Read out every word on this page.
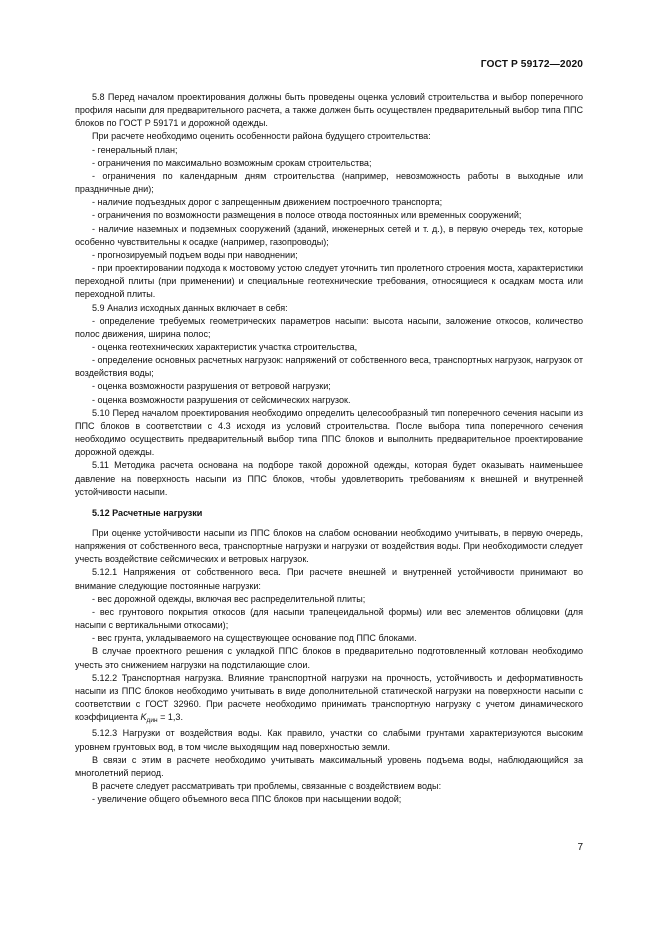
ГОСТ Р 59172—2020

5.8 Перед началом проектирования должны быть проведены оценка условий строительства и выбор поперечного профиля насыпи для предварительного расчета, а также должен быть осуществлен предварительный выбор типа ППС блоков по ГОСТ Р 59171 и дорожной одежды.

При расчете необходимо оценить особенности района будущего строительства:

- генеральный план;

- ограничения по максимально возможным срокам строительства;

- ограничения по календарным дням строительства (например, невозможность работы в выходные или праздничные дни);

- наличие подъездных дорог с запрещенным движением построечного транспорта;

- ограничения по возможности размещения в полосе отвода постоянных или временных сооружений;

- наличие наземных и подземных сооружений (зданий, инженерных сетей и т. д.), в первую очередь тех, которые особенно чувствительны к осадке (например, газопроводы);

- прогнозируемый подъем воды при наводнении;

- при проектировании подхода к мостовому устою следует уточнить тип пролетного строения моста, характеристики переходной плиты (при применении) и специальные геотехнические требования, относящиеся к осадкам моста или переходной плиты.

5.9 Анализ исходных данных включает в себя:

- определение требуемых геометрических параметров насыпи: высота насыпи, заложение откосов, количество полос движения, ширина полос;

- оценка геотехнических характеристик участка строительства,

- определение основных расчетных нагрузок: напряжений от собственного веса, транспортных нагрузок, нагрузок от воздействия воды;

- оценка возможности разрушения от ветровой нагрузки;

- оценка возможности разрушения от сейсмических нагрузок.

5.10 Перед началом проектирования необходимо определить целесообразный тип поперечного сечения насыпи из ППС блоков в соответствии с 4.3 исходя из условий строительства. После выбора типа поперечного сечения необходимо осуществить предварительный выбор типа ППС блоков и выполнить предварительное проектирование дорожной одежды.

5.11 Методика расчета основана на подборе такой дорожной одежды, которая будет оказывать наименьшее давление на поверхность насыпи из ППС блоков, чтобы удовлетворить требованиям к внешней и внутренней устойчивости насыпи.

5.12 Расчетные нагрузки

При оценке устойчивости насыпи из ППС блоков на слабом основании необходимо учитывать, в первую очередь, напряжения от собственного веса, транспортные нагрузки и нагрузки от воздействия воды. При необходимости следует учесть воздействие сейсмических и ветровых нагрузок.

5.12.1 Напряжения от собственного веса. При расчете внешней и внутренней устойчивости принимают во внимание следующие постоянные нагрузки:

- вес дорожной одежды, включая вес распределительной плиты;

- вес грунтового покрытия откосов (для насыпи трапецеидальной формы) или вес элементов облицовки (для насыпи с вертикальными откосами);

- вес грунта, укладываемого на существующее основание под ППС блоками.

В случае проектного решения с укладкой ППС блоков в предварительно подготовленный котлован необходимо учесть это снижением нагрузки на подстилающие слои.

5.12.2 Транспортная нагрузка. Влияние транспортной нагрузки на прочность, устойчивость и деформативность насыпи из ППС блоков необходимо учитывать в виде дополнительной статической нагрузки на поверхности насыпи с соответствии с ГОСТ 32960. При расчете необходимо принимать транспортную нагрузку с учетом динамического коэффициента $K_{дин} = 1,3$.

5.12.3 Нагрузки от воздействия воды. Как правило, участки со слабыми грунтами характеризуются высоким уровнем грунтовых вод, в том числе выходящим над поверхностью земли.

В связи с этим в расчете необходимо учитывать максимальный уровень подъема воды, наблюдающийся за многолетний период.

В расчете следует рассматривать три проблемы, связанные с воздействием воды:

- увеличение общего объемного веса ППС блоков при насыщении водой;

7
